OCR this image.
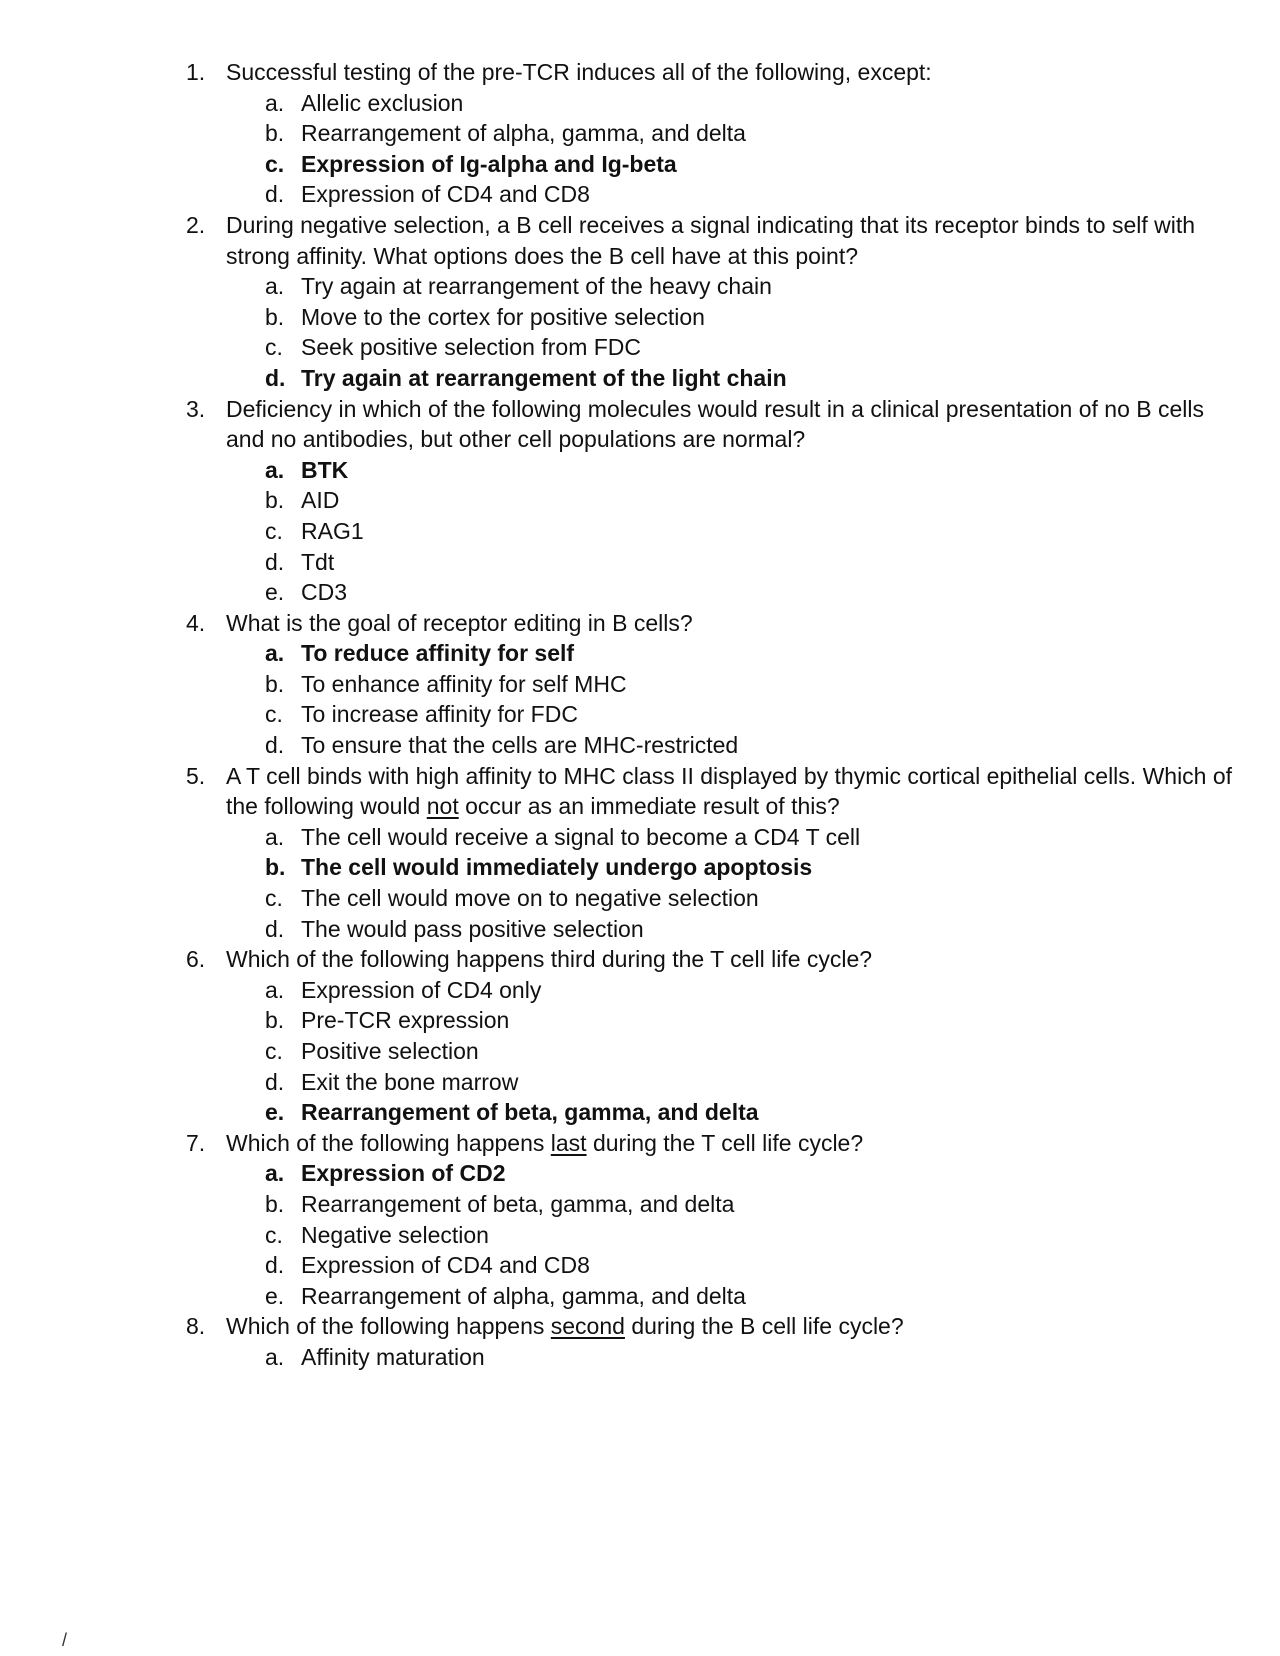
1. Successful testing of the pre-TCR induces all of the following, except:

a. Allelic exclusion
b. Rearrangement of alpha, gamma, and delta
c. Expression of Ig-alpha and Ig-beta
d. Expression of CD4 and CD8
2. During negative selection, a B cell receives a signal indicating that its receptor binds to self with strong affinity. What options does the B cell have at this point?

a. Try again at rearrangement of the heavy chain
b. Move to the cortex for positive selection
c. Seek positive selection from FDC
d. Try again at rearrangement of the light chain
3. Deficiency in which of the following molecules would result in a clinical presentation of no B cells and no antibodies, but other cell populations are normal?

a. BTK
b. AID
c. RAG1
d. Tdt
e. CD3
4. What is the goal of receptor editing in B cells?

a. To reduce affinity for self
b. To enhance affinity for self MHC
c. To increase affinity for FDC
d. To ensure that the cells are MHC-restricted
5. A T cell binds with high affinity to MHC class II displayed by thymic cortical epithelial cells. Which of the following would not occur as an immediate result of this?

a. The cell would receive a signal to become a CD4 T cell
b. The cell would immediately undergo apoptosis
c. The cell would move on to negative selection
d. The would pass positive selection
6. Which of the following happens third during the T cell life cycle?

a. Expression of CD4 only
b. Pre-TCR expression
c. Positive selection
d. Exit the bone marrow
e. Rearrangement of beta, gamma, and delta
7. Which of the following happens last during the T cell life cycle?

a. Expression of CD2
b. Rearrangement of beta, gamma, and delta
c. Negative selection
d. Expression of CD4 and CD8
e. Rearrangement of alpha, gamma, and delta
8. Which of the following happens second during the B cell life cycle?

a. Affinity maturation
/
